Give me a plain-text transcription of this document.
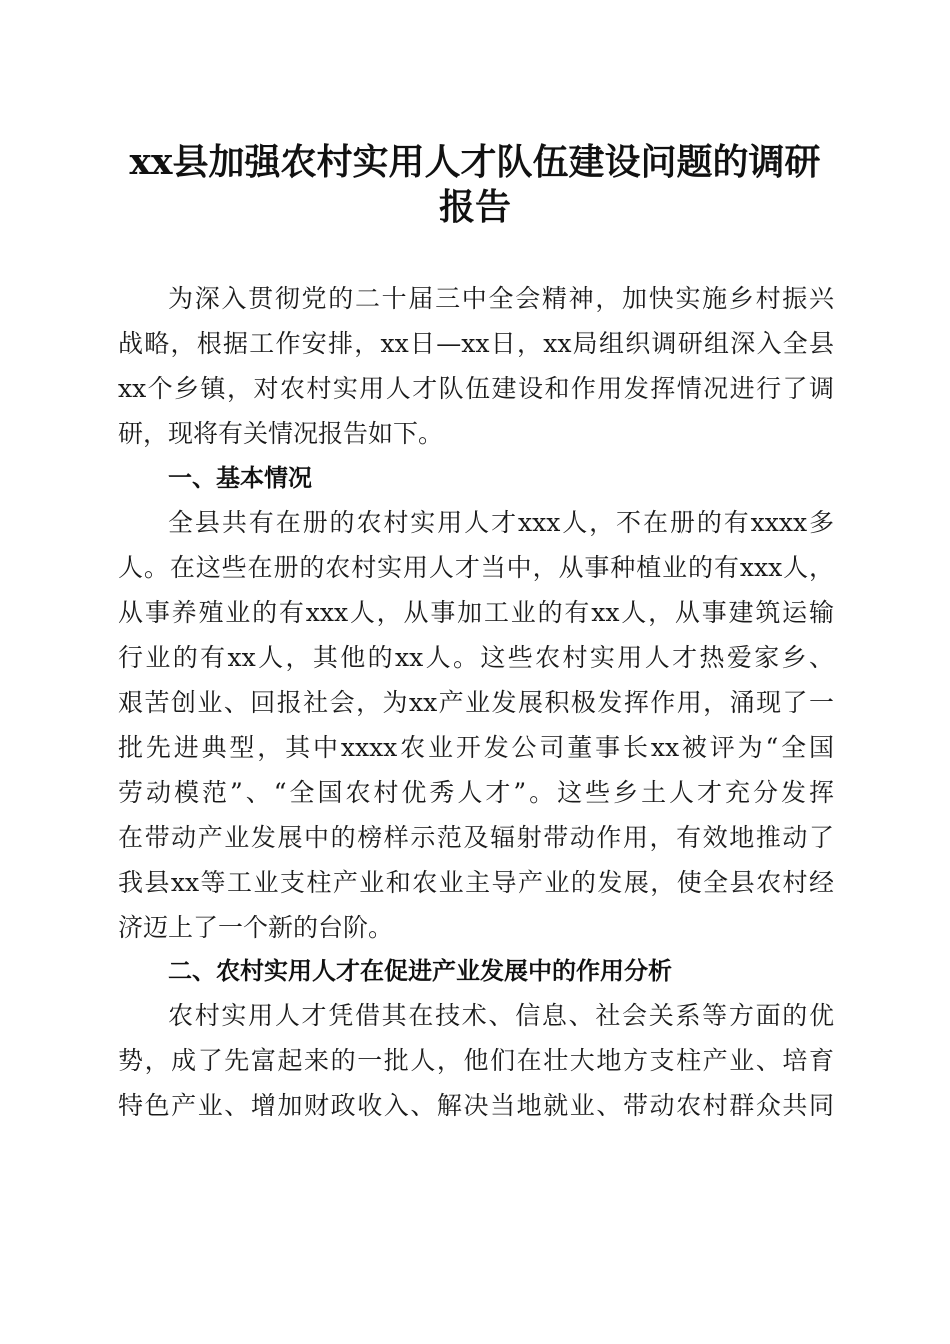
xx县加强农村实用人才队伍建设问题的调研
报告

为深入贯彻党的二十届三中全会精神，加快实施乡村振兴

战略，根据工作安排，xx日—xx日，xx局组织调研组深入全县

xx个乡镇，对农村实用人才队伍建设和作用发挥情况进行了调

研，现将有关情况报告如下。

一、基本情况

全县共有在册的农村实用人才xxx人，不在册的有xxxx多

人。在这些在册的农村实用人才当中，从事种植业的有xxx人，

从事养殖业的有xxx人，从事加工业的有xx人，从事建筑运输

行业的有xx人，其他的xx人。这些农村实用人才热爱家乡、

艰苦创业、回报社会，为xx产业发展积极发挥作用，涌现了一

批先进典型，其中xxxx农业开发公司董事长xx被评为“全国

劳动模范”、“全国农村优秀人才”。这些乡土人才充分发挥

在带动产业发展中的榜样示范及辐射带动作用，有效地推动了

我县xx等工业支柱产业和农业主导产业的发展，使全县农村经

济迈上了一个新的台阶。

二、农村实用人才在促进产业发展中的作用分析

农村实用人才凭借其在技术、信息、社会关系等方面的优

势，成了先富起来的一批人，他们在壮大地方支柱产业、培育

特色产业、增加财政收入、解决当地就业、带动农村群众共同
